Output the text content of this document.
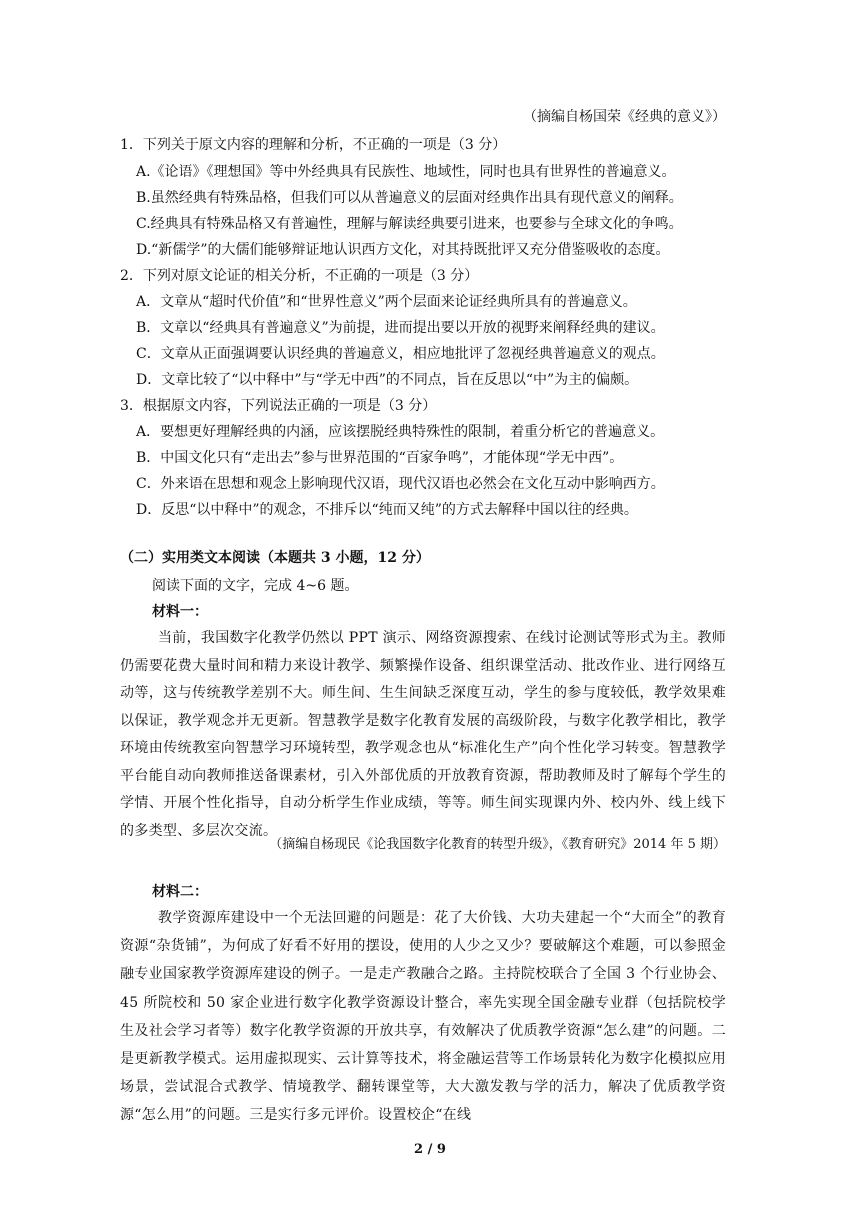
（摘编自杨国荣《经典的意义》）
1．下列关于原文内容的理解和分析，不正确的一项是（3 分）
A.《论语》《理想国》等中外经典具有民族性、地域性，同时也具有世界性的普遍意义。
B.虽然经典有特殊品格，但我们可以从普遍意义的层面对经典作出具有现代意义的阐释。
C.经典具有特殊品格又有普遍性，理解与解读经典要引进来，也要参与全球文化的争鸣。
D.“新儒学”的大儒们能够辩证地认识西方文化，对其持既批评又充分借鉴吸收的态度。
2．下列对原文论证的相关分析，不正确的一项是（3 分）
A．文章从“超时代价值”和“世界性意义”两个层面来论证经典所具有的普遍意义。
B．文章以“经典具有普遍意义”为前提，进而提出要以开放的视野来阐释经典的建议。
C．文章从正面强调要认识经典的普遍意义，相应地批评了忽视经典普遍意义的观点。
D．文章比较了“以中释中”与“学无中西”的不同点，旨在反思以“中”为主的偏颇。
3．根据原文内容，下列说法正确的一项是（3 分）
A．要想更好理解经典的内涵，应该摆脱经典特殊性的限制，着重分析它的普遍意义。
B．中国文化只有“走出去”参与世界范围的“百家争鸣”，才能体现“学无中西”。
C．外来语在思想和观念上影响现代汉语，现代汉语也必然会在文化互动中影响西方。
D．反思“以中释中”的观念，不排斥以“纯而又纯”的方式去解释中国以往的经典。
（二）实用类文本阅读（本题共 3 小题，12 分）
阅读下面的文字，完成 4~6 题。
材料一：
当前，我国数字化教学仍然以 PPT 演示、网络资源搜索、在线讨论测试等形式为主。教师仍需要花费大量时间和精力来设计教学、频繁操作设备、组织课堂活动、批改作业、进行网络互动等，这与传统教学差别不大。师生间、生生间缺乏深度互动，学生的参与度较低，教学效果难以保证，教学观念并无更新。智慧教学是数字化教育发展的高级阶段，与数字化教学相比，教学环境由传统教室向智慧学习环境转型，教学观念也从“标准化生产”向个性化学习转变。智慧教学平台能自动向教师推送备课素材，引入外部优质的开放教育资源，帮助教师及时了解每个学生的学情、开展个性化指导，自动分析学生作业成绩，等等。师生间实现课内外、校内外、线上线下的多类型、多层次交流。
（摘编自杨现民《论我国数字化教育的转型升级》，《教育研究》2014 年 5 期）
材料二：
教学资源库建设中一个无法回避的问题是：花了大价钱、大功夫建起一个“大而全”的教育资源“杂货铺”，为何成了好看不好用的摆设，使用的人少之又少？要破解这个难题，可以参照金融专业国家教学资源库建设的例子。一是走产教融合之路。主持院校联合了全国 3 个行业协会、45 所院校和 50 家企业进行数字化教学资源设计整合，率先实现全国金融专业群（包括院校学生及社会学习者等）数字化教学资源的开放共享，有效解决了优质教学资源“怎么建”的问题。二是更新教学模式。运用虚拟现实、云计算等技术，将金融运营等工作场景转化为数字化模拟应用场景，尝试混合式教学、情境教学、翻转课堂等，大大激发教与学的活力，解决了优质教学资源“怎么用”的问题。三是实行多元评价。设置校企“在线
2 / 9
